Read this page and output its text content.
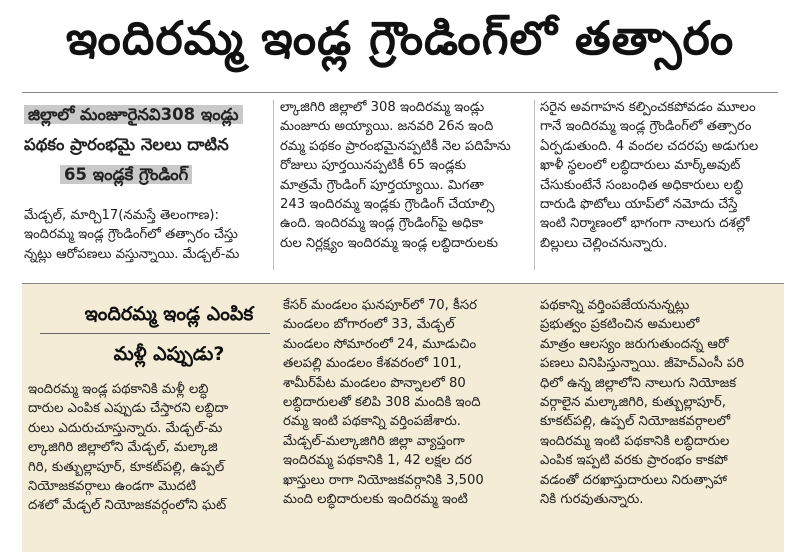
ఇందిరమ్మ ఇండ్ల గ్రౌండింగ్‌లో తత్సారం
జిల్లాలో మంజూరైనవి308 ఇండ్లు
పథకం ప్రారంభమై నెలలు దాటిన
65 ఇండ్లకే గ్రౌండింగ్

మేడ్చల్, మార్చి17(నమస్తే తెలంగాణ):

ఇందిరమ్మ ఇండ్ల గ్రౌండింగ్‌లో తత్సారం చేస్తు

న్నట్లు ఆరోపణలు వస్తున్నాయి. మేడ్చల్‌-మ

ల్కాజిగిరి జిల్లాలో 308 ఇందిరమ్మ ఇండ్లు

మంజూరు అయ్యాయి. జనవరి 26న ఇంది

రమ్మ పథకం ప్రారంభమైనప్పటికీ నెల పదిహేను

రోజులు పూర్తయినప్పటికీ 65 ఇండ్లకు

మాత్రమే గ్రౌండింగ్ పూర్తయ్యాయి. మిగతా

243 ఇందిరమ్మ ఇండ్లకు గ్రౌండింగ్ చేయాల్సి

ఉంది. ఇందిరమ్మ ఇండ్ల గ్రౌండింగ్‌పై అధికా

రుల నిర్లక్ష్యం ఇందిరమ్మ ఇండ్ల లబ్ధిదారులకు

సరైన అవగాహన కల్పించకపోవడం మూలం

గానే ఇందిరమ్మ ఇండ్ల గ్రౌండింగ్‌లో తత్సారం

ఏర్పడుతుంది. 4 వందల చదరపు అడుగుల

ఖాళీ స్థలంలో లబ్ధిదారులు మార్క్‌అవుట్

చేసుకుంటేనే సంబంధిత అధికారులు లబ్ధి

దారుడి ఫొటోలు యాప్‌లో నమోదు చేస్తే

ఇంటి నిర్మాణంలో భాగంగా నాలుగు దశల్లో

బిల్లులు చెల్లించనున్నారు.

ఇందిరమ్మ ఇండ్ల ఎంపిక
మళ్లీ ఎప్పుడు?

ఇందిరమ్మ ఇండ్ల పథకానికి మళ్లీ లబ్ధి

దారుల ఎంపిక ఎప్పుడు చేస్తారని లబ్ధిదా

రులు ఎదురుచూస్తున్నారు. మేడ్చల్‌-మ

ల్కాజిగిరి జిల్లాలోని మేడ్చల్, మల్కాజి

గిరి, కుత్బుల్లాపూర్, కూకట్‌పల్లి, ఉప్పల్

నియోజకవర్గాలు ఉండగా మొదటి

దశలో మేడ్చల్ నియోజకవర్గంలోని ఘట్

కేసర్ మండలం ఘనపూర్‌లో 70, కీసర

మండలం బోగారంలో 33, మేడ్చల్

మండలం సోమారంలో 24, మూడుచిం

తలపల్లి మండలం కేశవరంలో 101,

శామీర్‌పేట మండలం పొన్నాలలో 80

లబ్ధిదారులతో కలిపి 308 మందికి ఇంది

రమ్మ ఇంటి పథకాన్ని వర్తింపజేశారు.

మేడ్చల్‌-మల్కాజిగిరి జిల్లా వ్యాప్తంగా

ఇందిరమ్మ పథకానికి 1, 42 లక్షల దర

ఖాస్తులు రాగా నియోజకవర్గానికి 3,500

మంది లబ్ధిదారులకు ఇందిరమ్మ ఇంటి

పథకాన్ని వర్తింపజేయనున్నట్లు

ప్రభుత్వం ప్రకటించిన అమలులో

మాత్రం ఆలస్యం జరుగుతుందన్న ఆరో

పణలు వినిపిస్తున్నాయి. జీహెచ్ఎంసీ పరి

ధిలో ఉన్న జిల్లాలోని నాలుగు నియోజక

వర్గాలైన మల్కాజిగిరి, కుత్బుల్లాపూర్,

కూకట్‌పల్లి, ఉప్పల్ నియోజకవర్గాలలో

ఇందిరమ్మ ఇంటి పథకానికి లబ్ధిదారుల

ఎంపిక ఇప్పటి వరకు ప్రారంభం కాకపో

వడంతో దరఖాస్తుదారులు నిరుత్సాహా

నికి గురవుతున్నారు.
